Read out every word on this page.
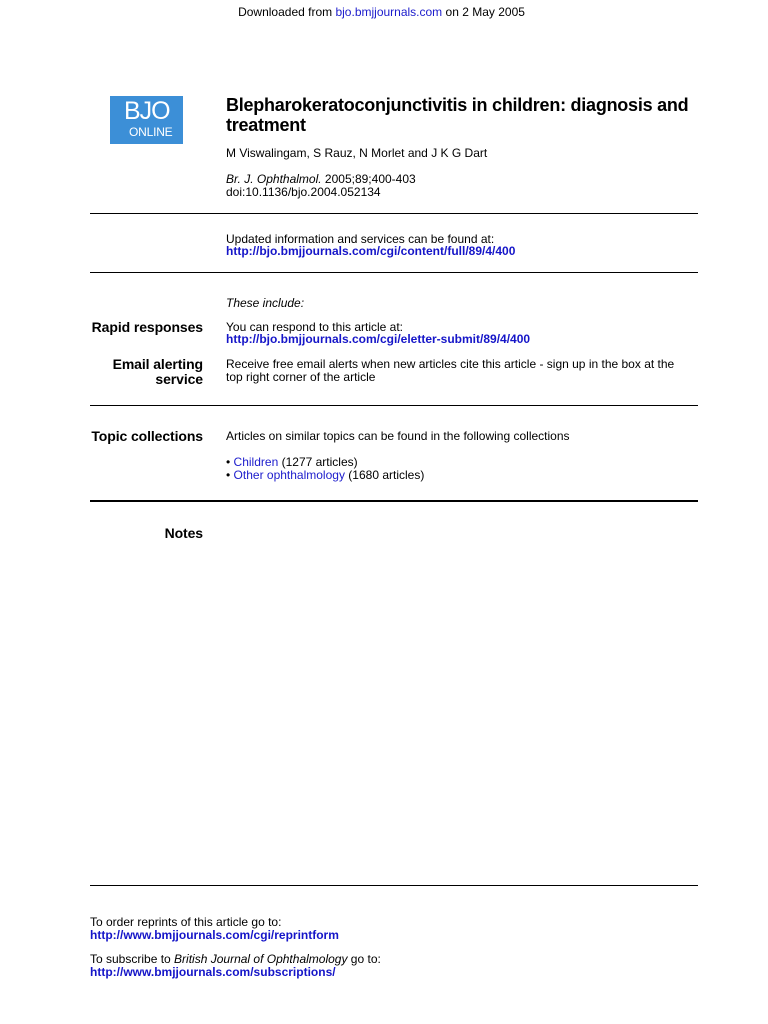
Downloaded from bjo.bmjjournals.com on 2 May 2005
BJO
ONLINE
Blepharokeratoconjunctivitis in children: diagnosis and treatment
M Viswalingam, S Rauz, N Morlet and J K G Dart
Br. J. Ophthalmol. 2005;89;400-403
doi:10.1136/bjo.2004.052134
Updated information and services can be found at:
http://bjo.bmjjournals.com/cgi/content/full/89/4/400
These include:
Rapid responses You can respond to this article at:
http://bjo.bmjjournals.com/cgi/eletter-submit/89/4/400
Email alerting
service
Receive free email alerts when new articles cite this article - sign up in the box at the
top right corner of the article
Topic collections Articles on similar topics can be found in the following collections
• Children (1277 articles)
• Other ophthalmology (1680 articles)
Notes
To order reprints of this article go to:
http://www.bmjjournals.com/cgi/reprintform
To subscribe to British Journal of Ophthalmology go to:
http://www.bmjjournals.com/subscriptions/
